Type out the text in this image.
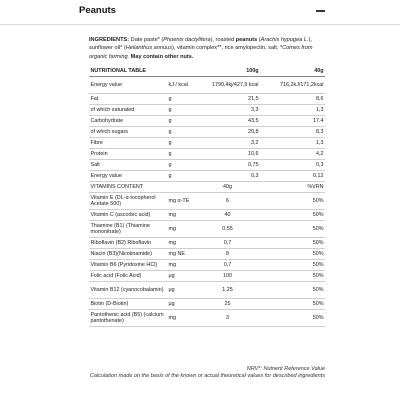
Peanuts
INGREDIENTS: Date paste* (Phoenix dactylifera), roasted peanuts (Arachis hypogea L.), sunflower oil* (Helianthus annuus), vitamin complex**, rice amylopectin, salt. *Comes from organic farming. May contain other nuts.
NUTRITIONAL TABLE		100g	40g
Energy value	kJ / kcal	1790,4kj/427,9 kcal	716,2kJ/171,2kcal
Fat	g	21,5	8,6
of which saturated	g	3,3	1,3
Carbohydrate	g	43,5	17.4
of which sugars	g	20,8	8,3
Fibre	g	3,2	1,3
Protein	g	10,6	4,2
Salt	g	0,75	0,3
Energy value	g	0,3	0,12
VITAMINS CONTENT		40g	%VRN
Vitamin E (DL-α-tocopherol Acetate 500)	mg α-TE	6	50%
Vitamin C (ascorbic acid)	mg	40	50%
Thiamine (B1) (Thiamine mononitrate)	mg	0,55	50%
Riboflavin (B2) Riboflavin	mg	0,7	50%
Niacin (B3)(Nicotinamide)	mg NE	8	50%
Vitamin B6 (Pyridoxine HCl)	mg	0,7	50%
Folic acid (Folic Acid)	μg	100	50%
Vitamin B12 (cyanocobalamin)	μg	1,25	50%
Biotin (D-Biotin)	μg	25	50%
Pantothenic acid (B5) (calcium pantothenate)	mg	3	50%
NRV*: Nutrient Reference Value
Calculation made on the basis of the known or actual theoretical values for described ingredients
